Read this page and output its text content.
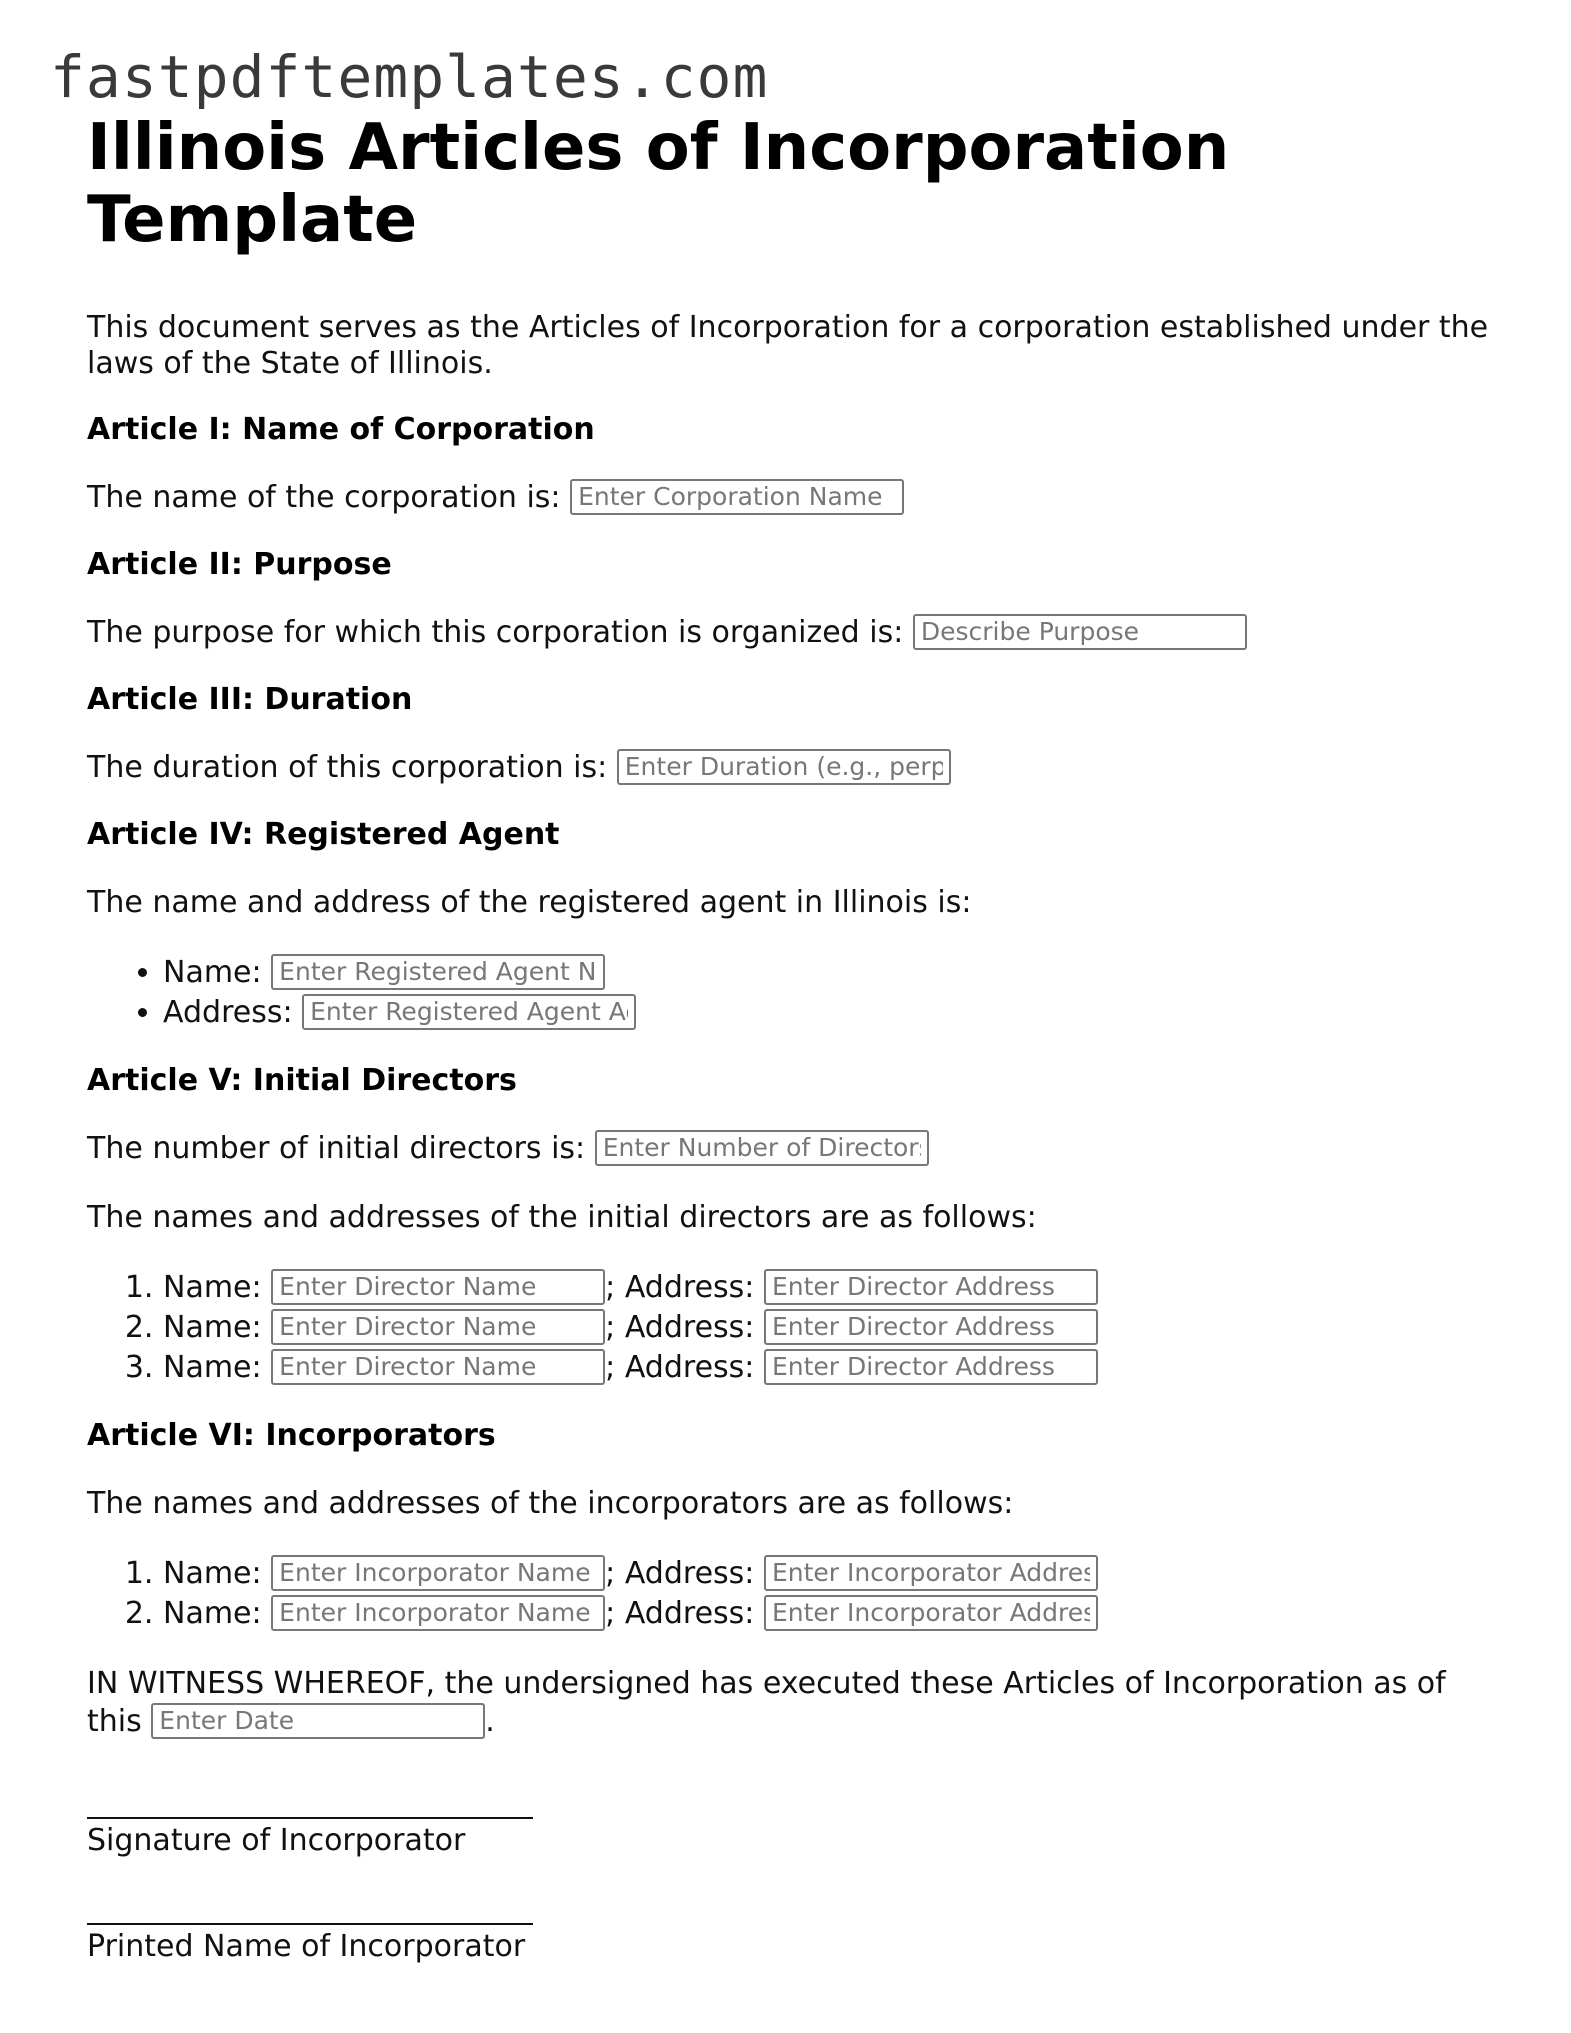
fastpdftemplates.com
Illinois Articles of Incorporation Template

This document serves as the Articles of Incorporation for a corporation established under the laws of the State of Illinois.

Article I: Name of Corporation

The name of the corporation is: Enter Corporation Name

Article II: Purpose

The purpose for which this corporation is organized is: Describe Purpose

Article III: Duration

The duration of this corporation is: Enter Duration (e.g., perpetual)

Article IV: Registered Agent

The name and address of the registered agent in Illinois is:

• Name: Enter Registered Agent Name
• Address: Enter Registered Agent Address
Article V: Initial Directors

The number of initial directors is: Enter Number of Directors

The names and addresses of the initial directors are as follows:

1. Name: Enter Director Name	; Address: Enter Director Address
2. Name: Enter Director Name	; Address: Enter Director Address
3. Name: Enter Director Name	; Address: Enter Director Address
Article VI: Incorporators

The names and addresses of the incorporators are as follows:

1. Name: Enter Incorporator Name	; Address: Enter Incorporator Address
2. Name: Enter Incorporator Name	; Address: Enter Incorporator Address

IN WITNESS WHEREOF, the undersigned has executed these Articles of Incorporation as of this Enter Date	.

Signature of Incorporator
Printed Name of Incorporator
